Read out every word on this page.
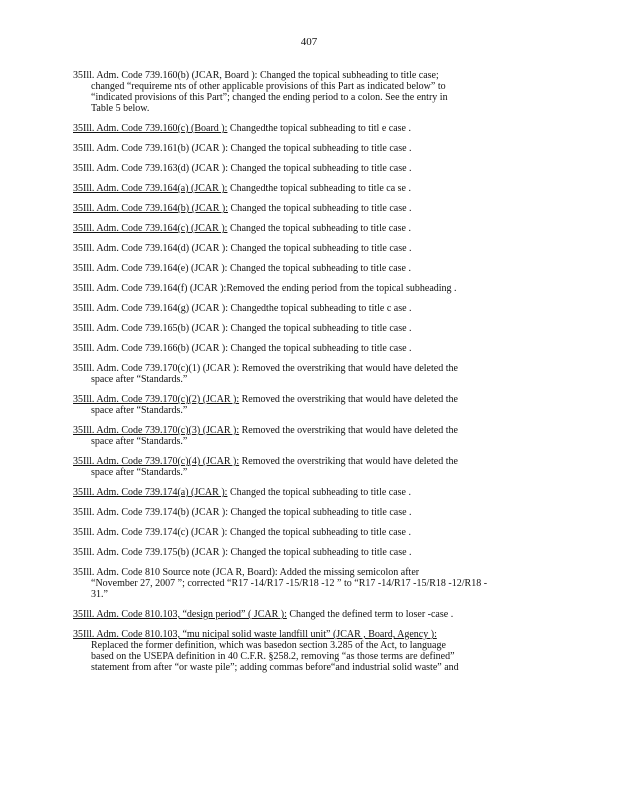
407
35Ill. Adm. Code 739.160(b) (JCAR, Board ): Changed the topical subheading to title case;
changed “requireme nts of other applicable provisions of this Part as indicated below” to
“indicated provisions of this Part”; changed the ending period to a colon. See the entry in
Table 5 below.
35Ill. Adm. Code 739.160(c) (Board ): Changedthe topical subheading to titl e case .
35Ill. Adm. Code 739.161(b) (JCAR ): Changed the topical subheading to title case .
35Ill. Adm. Code 739.163(d) (JCAR ): Changed the topical subheading to title case .
35Ill. Adm. Code 739.164(a) (JCAR ): Changedthe topical subheading to title ca se .
35Ill. Adm. Code 739.164(b) (JCAR ): Changed the topical subheading to title case .
35Ill. Adm. Code 739.164(c) (JCAR ): Changed the topical subheading to title case .
35Ill. Adm. Code 739.164(d) (JCAR ): Changed the topical subheading to title case .
35Ill. Adm. Code 739.164(e) (JCAR ): Changed the topical subheading to title case .
35Ill. Adm. Code 739.164(f) (JCAR ):Removed the ending period from the topical subheading .
35Ill. Adm. Code 739.164(g) (JCAR ): Changedthe topical subheading to title c ase .
35Ill. Adm. Code 739.165(b) (JCAR ): Changed the topical subheading to title case .
35Ill. Adm. Code 739.166(b) (JCAR ): Changed the topical subheading to title case .
35Ill. Adm. Code 739.170(c)(1) (JCAR ): Removed the overstriking that would have deleted the
space after “Standards.”
35Ill. Adm. Code 739.170(c)(2) (JCAR ): Removed the overstriking that would have deleted the
space after “Standards.”
35Ill. Adm. Code 739.170(c)(3) (JCAR ): Removed the overstriking that would have deleted the
space after “Standards.”
35Ill. Adm. Code 739.170(c)(4) (JCAR ): Removed the overstriking that would have deleted the
space after “Standards.”
35Ill. Adm. Code 739.174(a) (JCAR ): Changed the topical subheading to title case .
35Ill. Adm. Code 739.174(b) (JCAR ): Changed the topical subheading to title case .
35Ill. Adm. Code 739.174(c) (JCAR ): Changed the topical subheading to title case .
35Ill. Adm. Code 739.175(b) (JCAR ): Changed the topical subheading to title case .
35Ill. Adm. Code 810 Source note (JCA R, Board): Added the missing semicolon after
“November 27, 2007 ”; corrected “R17 -14/R17 -15/R18 -12 ” to “R17 -14/R17 -15/R18 -12/R18 -
31.”
35Ill. Adm. Code 810.103, “design period” ( JCAR ): Changed the defined term to loser -case .
35Ill. Adm. Code 810.103, “mu nicipal solid waste landfill unit” (JCAR , Board, Agency ):
Replaced the former definition, which was basedon section 3.285 of the Act, to language
based on the USEPA definition in 40 C.F.R. §258.2, removing “as those terms are defined”
statement from after “or waste pile”; adding commas before“and industrial solid waste” and
